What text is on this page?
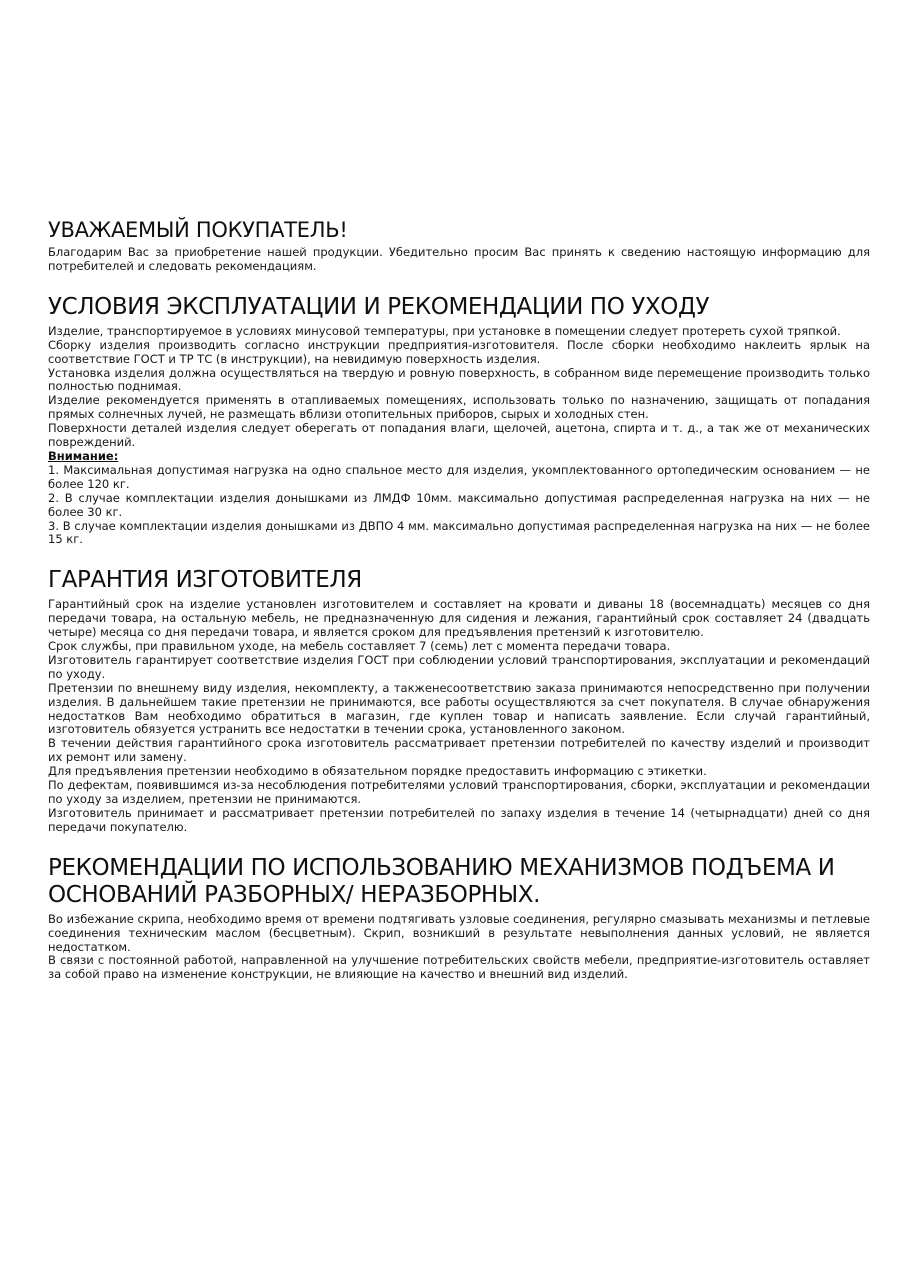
УВАЖАЕМЫЙ ПОКУПАТЕЛЬ!

Благодарим Вас за приобретение нашей продукции. Убедительно просим Вас принять к сведению настоящую информацию для потребителей и следовать рекомендациям.

УСЛОВИЯ ЭКСПЛУАТАЦИИ И РЕКОМЕНДАЦИИ ПО УХОДУ

Изделие, транспортируемое в условиях минусовой температуры, при установке в помещении следует протереть сухой тряпкой.

Сборку изделия производить согласно инструкции предприятия-изготовителя. После сборки необходимо наклеить ярлык на соответствие ГОСТ и ТР ТС (в инструкции), на невидимую поверхность изделия.

Установка изделия должна осуществляться на твердую и ровную поверхность, в собранном виде перемещение производить только полностью поднимая.

Изделие рекомендуется применять в отапливаемых помещениях, использовать только по назначению, защищать от попадания прямых солнечных лучей, не размещать вблизи отопительных приборов, сырых и холодных стен.

Поверхности деталей изделия следует оберегать от попадания влаги, щелочей, ацетона, спирта и т. д., а так же от механических повреждений.

Внимание:

1. Максимальная допустимая нагрузка на одно спальное место для изделия, укомплектованного ортопедическим основанием — не более 120 кг.

2. В случае комплектации изделия донышками из ЛМДФ 10мм. максимально допустимая распределенная нагрузка на них — не более 30 кг.

3. В случае комплектации изделия донышками из ДВПО 4 мм. максимально допустимая распределенная нагрузка на них — не более 15 кг.

ГАРАНТИЯ ИЗГОТОВИТЕЛЯ

Гарантийный срок на изделие установлен изготовителем и составляет на кровати и диваны 18 (восемнадцать) месяцев со дня передачи товара, на остальную мебель, не предназначенную для сидения и лежания, гарантийный срок составляет 24 (двадцать четыре) месяца со дня передачи товара, и является сроком для предъявления претензий к изготовителю.

Срок службы, при правильном уходе, на мебель составляет 7 (семь) лет с момента передачи товара.

Изготовитель гарантирует соответствие изделия ГОСТ при соблюдении условий транспортирования, эксплуатации и рекомендаций по уходу.

Претензии по внешнему виду изделия, некомплекту, а такженесоответствию заказа принимаются непосредственно при получении изделия. В дальнейшем такие претензии не принимаются, все работы осуществляются за счет покупателя. В случае обнаружения недостатков Вам необходимо обратиться в магазин, где куплен товар и написать заявление. Если случай гарантийный, изготовитель обязуется устранить все недостатки в течении срока, установленного законом.

В течении действия гарантийного срока изготовитель рассматривает претензии потребителей по качеству изделий и производит их ремонт или замену.

Для предъявления претензии необходимо в обязательном порядке предоставить информацию с этикетки.

По дефектам, появившимся из-за несоблюдения потребителями условий транспортирования, сборки, эксплуатации и рекомендации по уходу за изделием, претензии не принимаются.

Изготовитель принимает и рассматривает претензии потребителей по запаху изделия в течение 14 (четырнадцати) дней со дня передачи покупателю.

РЕКОМЕНДАЦИИ ПО ИСПОЛЬЗОВАНИЮ МЕХАНИЗМОВ ПОДЪЕМА И ОСНОВАНИЙ РАЗБОРНЫХ/ НЕРАЗБОРНЫХ.

Во избежание скрипа, необходимо время от времени подтягивать узловые соединения, регулярно смазывать механизмы и петлевые соединения техническим маслом (бесцветным). Скрип, возникший в результате невыполнения данных условий, не является недостатком.

В связи с постоянной работой, направленной на улучшение потребительских свойств мебели, предприятие-изготовитель оставляет за собой право на изменение конструкции, не влияющие на качество и внешний вид изделий.
